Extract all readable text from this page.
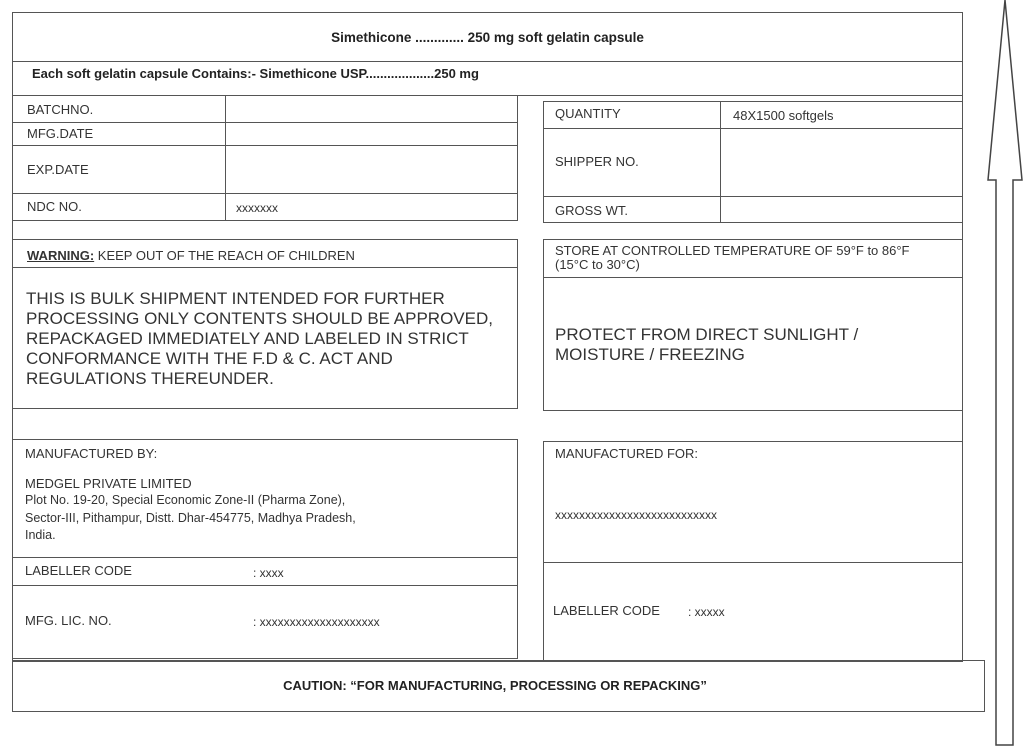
Simethicone ............. 250 mg soft gelatin capsule
Each soft gelatin capsule Contains:- Simethicone USP...................250 mg
BATCHNO.
MFG.DATE
EXP.DATE
NDC NO.	xxxxxxx
QUANTITY	48X1500 softgels
SHIPPER NO.
GROSS WT.
WARNING: KEEP OUT OF THE REACH OF CHILDREN
THIS IS BULK SHIPMENT INTENDED FOR FURTHER PROCESSING ONLY CONTENTS SHOULD BE APPROVED, REPACKAGED IMMEDIATELY AND LABELED IN STRICT CONFORMANCE WITH THE F.D & C. ACT AND REGULATIONS THEREUNDER.
STORE AT CONTROLLED TEMPERATURE OF 59°F to 86°F (15°C to 30°C)
PROTECT FROM DIRECT SUNLIGHT / MOISTURE / FREEZING
MANUFACTURED BY:
MEDGEL PRIVATE LIMITED
Plot No. 19-20, Special Economic Zone-II (Pharma Zone),
Sector-III, Pithampur, Distt. Dhar-454775, Madhya Pradesh,
India.
LABELLER CODE	: xxxx
MFG. LIC. NO.	: xxxxxxxxxxxxxxxxxxxx
MANUFACTURED FOR:
xxxxxxxxxxxxxxxxxxxxxxxxxxx
LABELLER CODE : xxxxx
CAUTION: “FOR MANUFACTURING, PROCESSING OR REPACKING”
